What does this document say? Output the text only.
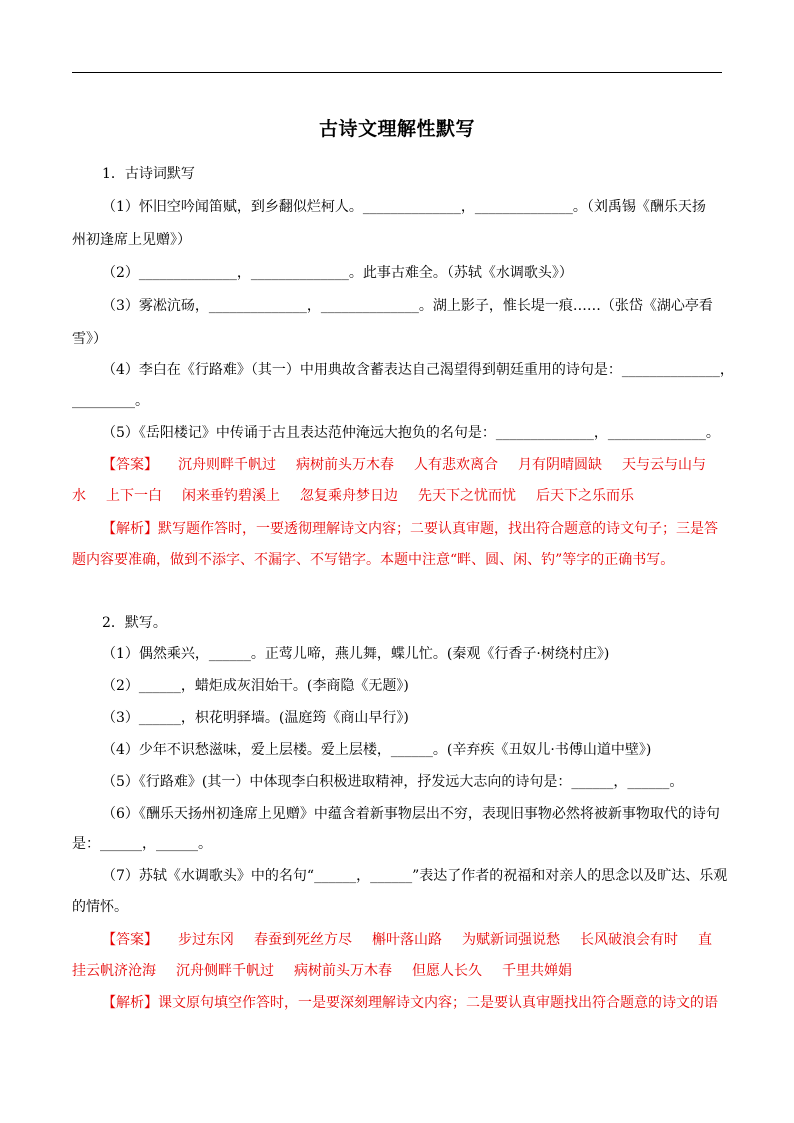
古诗文理解性默写
1．古诗词默写
（1）怀旧空吟闻笛赋，到乡翻似烂柯人。______________，______________。（刘禹锡《酬乐天扬
州初逢席上见赠》）
（2）______________，______________。此事古难全。（苏轼《水调歌头》）
（3）雾凇沆砀，______________，______________。湖上影子，惟长堤一痕……（张岱《湖心亭看
雪》）
（4）李白在《行路难》（其一）中用典故含蓄表达自己渴望得到朝廷重用的诗句是：______________，
_________。
（5）《岳阳楼记》中传诵于古且表达范仲淹远大抱负的名句是：______________，______________。
【答案】 沉舟则畔千帆过 病树前头万木春 人有悲欢离合 月有阴晴圆缺 天与云与山与
水 上下一白 闲来垂钓碧溪上 忽复乘舟梦日边 先天下之忧而忧 后天下之乐而乐
【解析】默写题作答时，一要透彻理解诗文内容；二要认真审题，找出符合题意的诗文句子；三是答
题内容要准确，做到不添字、不漏字、不写错字。本题中注意“畔、圆、闲、钓”等字的正确书写。
2．默写。
（1）偶然乘兴，______。正莺儿啼，燕儿舞，蝶儿忙。(秦观《行香子·树绕村庄》)
（2）______，蜡炬成灰泪始干。(李商隐《无题》)
（3）______，枳花明驿墙。(温庭筠《商山早行》)
（4）少年不识愁滋味，爱上层楼。爱上层楼，______。(辛弃疾《丑奴儿·书傅山道中壁》)
（5）《行路难》(其一）中体现李白积极进取精神，抒发远大志向的诗句是：______，______。
（6）《酬乐天扬州初逢席上见赠》中蕴含着新事物层出不穷，表现旧事物必然将被新事物取代的诗句
是：______，______。
（7）苏轼《水调歌头》中的名句“______，______”表达了作者的祝福和对亲人的思念以及旷达、乐观
的情怀。
【答案】 步过东冈 春蚕到死丝方尽 槲叶落山路 为赋新词强说愁 长风破浪会有时 直
挂云帆济沧海 沉舟侧畔千帆过 病树前头万木春 但愿人长久 千里共婵娟
【解析】课文原句填空作答时，一是要深刻理解诗文内容；二是要认真审题找出符合题意的诗文的语
